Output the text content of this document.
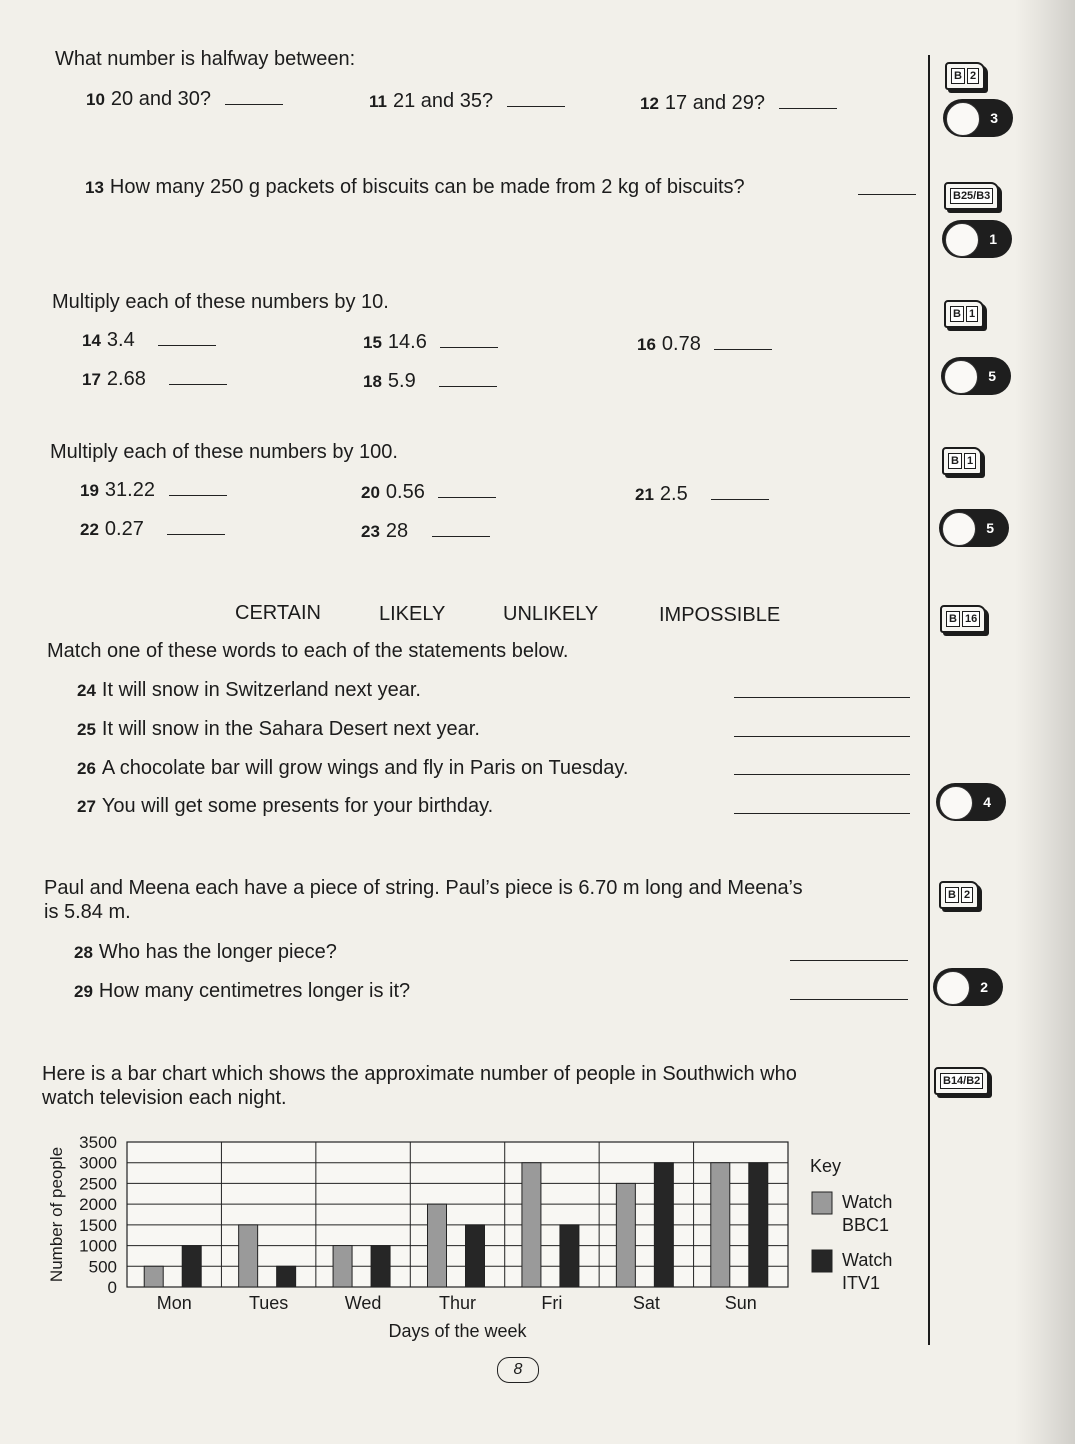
What number is halfway between:
10 20 and 30?	11 21 and 35?	12 17 and 29?
13 How many 250 g packets of biscuits can be made from 2 kg of biscuits?
Multiply each of these numbers by 10.
14 3.4	15 14.6	16 0.78
17 2.68	18 5.9
Multiply each of these numbers by 100.
19 31.22	20 0.56	21 2.5
22 0.27	23 28
CERTAIN	LIKELY	UNLIKELY	IMPOSSIBLE
Match one of these words to each of the statements below.
24 It will snow in Switzerland next year.
25 It will snow in the Sahara Desert next year.
26 A chocolate bar will grow wings and fly in Paris on Tuesday.
27 You will get some presents for your birthday.
Paul and Meena each have a piece of string. Paul’s piece is 6.70 m long and Meena’s
is 5.84 m.
28 Who has the longer piece?
29 How many centimetres longer is it?
Here is a bar chart which shows the approximate number of people in Southwich who
watch television each night.
0
500
1000
1500
2000
2500
3000
3500
Mon	Tues	Wed	Thur	Fri	Sat	Sun
Days of the week
Number of people	Key
Watch
BBC1
Watch
ITV1
B 2
B25/B3
B 1
B 1
B 16
B 2
B14/B2
3
1
5
5
4
2
8
